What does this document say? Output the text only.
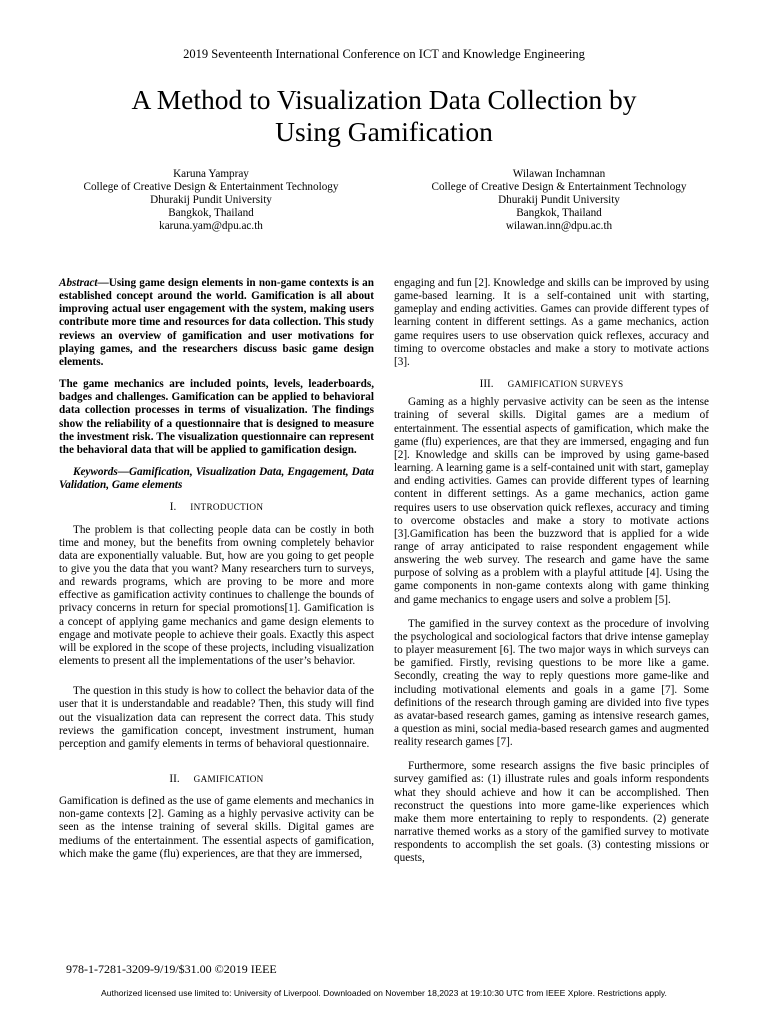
2019 Seventeenth International Conference on ICT and Knowledge Engineering
A Method to Visualization Data Collection by
Using Gamification
Karuna Yampray
College of Creative Design & Entertainment Technology
Dhurakij Pundit University
Bangkok, Thailand
karuna.yam@dpu.ac.th
Wilawan Inchamnan
College of Creative Design & Entertainment Technology
Dhurakij Pundit University
Bangkok, Thailand
wilawan.inn@dpu.ac.th

Abstract—Using game design elements in non-game contexts is an established concept around the world. Gamification is all about improving actual user engagement with the system, making users contribute more time and resources for data collection. This study reviews an overview of gamification and user motivations for playing games, and the researchers discuss basic game design elements.

The game mechanics are included points, levels, leaderboards, badges and challenges. Gamification can be applied to behavioral data collection processes in terms of visualization. The findings show the reliability of a questionnaire that is designed to measure the investment risk. The visualization questionnaire can represent the behavioral data that will be applied to gamification design.

Keywords—Gamification, Visualization Data, Engagement, Data Validation, Game elements

I. INTRODUCTION

The problem is that collecting people data can be costly in both time and money, but the benefits from owning completely behavior data are exponentially valuable. But, how are you going to get people to give you the data that you want? Many researchers turn to surveys, and rewards programs, which are proving to be more and more effective as gamification activity continues to challenge the bounds of privacy concerns in return for special promotions[1]. Gamification is a concept of applying game mechanics and game design elements to engage and motivate people to achieve their goals. Exactly this aspect will be explored in the scope of these projects, including visualization elements to present all the implementations of the user’s behavior.

The question in this study is how to collect the behavior data of the user that it is understandable and readable? Then, this study will find out the visualization data can represent the correct data. This study reviews the gamification concept, investment instrument, human perception and gamify elements in terms of behavioral questionnaire.

II. GAMIFICATION

Gamification is defined as the use of game elements and mechanics in non-game contexts [2]. Gaming as a highly pervasive activity can be seen as the intense training of several skills. Digital games are mediums of the entertainment. The essential aspects of gamification, which make the game (flu) experiences, are that they are immersed,

engaging and fun [2]. Knowledge and skills can be improved by using game-based learning. It is a self-contained unit with starting, gameplay and ending activities. Games can provide different types of learning content in different settings. As a game mechanics, action game requires users to use observation quick reflexes, accuracy and timing to overcome obstacles and make a story to motivate actions [3].

III. GAMIFICATION SURVEYS

Gaming as a highly pervasive activity can be seen as the intense training of several skills. Digital games are a medium of entertainment. The essential aspects of gamification, which make the game (flu) experiences, are that they are immersed, engaging and fun [2]. Knowledge and skills can be improved by using game-based learning. A learning game is a self-contained unit with start, gameplay and ending activities. Games can provide different types of learning content in different settings. As a game mechanics, action game requires users to use observation quick reflexes, accuracy and timing to overcome obstacles and make a story to motivate actions [3].Gamification has been the buzzword that is applied for a wide range of array anticipated to raise respondent engagement while answering the web survey. The research and game have the same purpose of solving as a problem with a playful attitude [4]. Using the game components in non-game contexts along with game thinking and game mechanics to engage users and solve a problem [5].

The gamified in the survey context as the procedure of involving the psychological and sociological factors that drive intense gameplay to player measurement [6]. The two major ways in which surveys can be gamified. Firstly, revising questions to be more like a game. Secondly, creating the way to reply questions more game-like and including motivational elements and goals in a game [7]. Some definitions of the research through gaming are divided into five types as avatar-based research games, gaming as intensive research games, a question as mini, social media-based research games and augmented reality research games [7].

Furthermore, some research assigns the five basic principles of survey gamified as: (1) illustrate rules and goals inform respondents what they should achieve and how it can be accomplished. Then reconstruct the questions into more game-like experiences which make them more entertaining to reply to respondents. (2) generate narrative themed works as a story of the gamified survey to motivate respondents to accomplish the set goals. (3) contesting missions or quests,

978-1-7281-3209-9/19/$31.00 ©2019 IEEE
Authorized licensed use limited to: University of Liverpool. Downloaded on November 18,2023 at 19:10:30 UTC from IEEE Xplore. Restrictions apply.
